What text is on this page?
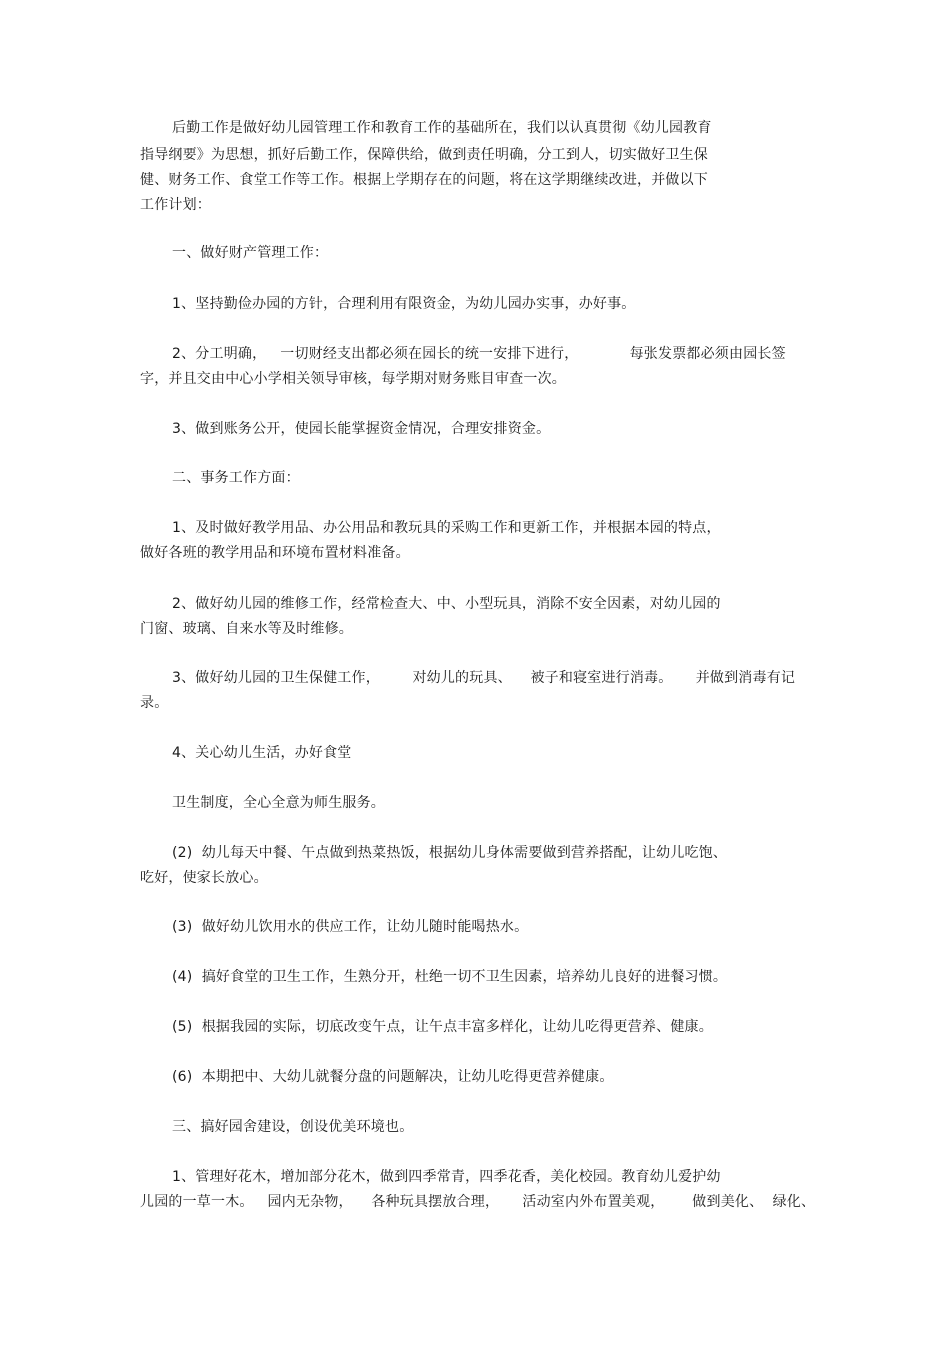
后勤工作是做好幼儿园管理工作和教育工作的基础所在，我们以认真贯彻《幼儿园教育
指导纲要》为思想，抓好后勤工作，保障供给，做到责任明确，分工到人，切实做好卫生保
健、财务工作、食堂工作等工作。根据上学期存在的问题，将在这学期继续改进，并做以下
工作计划：
一、做好财产管理工作：
1、坚持勤俭办园的方针，合理利用有限资金，为幼儿园办实事，办好事。
2、分工明确，   一切财经支出都必须在园长的统一安排下进行，           每张发票都必须由园长签
字，并且交由中心小学相关领导审核，每学期对财务账目审查一次。
3、做到账务公开，使园长能掌握资金情况，合理安排资金。
二、事务工作方面：
1、及时做好教学用品、办公用品和教玩具的采购工作和更新工作，并根据本园的特点，
做好各班的教学用品和环境布置材料准备。
2、做好幼儿园的维修工作，经常检查大、中、小型玩具，消除不安全因素，对幼儿园的
门窗、玻璃、自来水等及时维修。
3、做好幼儿园的卫生保健工作，       对幼儿的玩具、    被子和寝室进行消毒。     并做到消毒有记
录。
4、关心幼儿生活，办好食堂
卫生制度，全心全意为师生服务。
(2)  幼儿每天中餐、午点做到热菜热饭，根据幼儿身体需要做到营养搭配，让幼儿吃饱、
吃好，使家长放心。
(3)  做好幼儿饮用水的供应工作，让幼儿随时能喝热水。
(4)  搞好食堂的卫生工作，生熟分开，杜绝一切不卫生因素，培养幼儿良好的进餐习惯。
(5)  根据我园的实际，切底改变午点，让午点丰富多样化，让幼儿吃得更营养、健康。
(6)  本期把中、大幼儿就餐分盘的问题解决，让幼儿吃得更营养健康。
三、搞好园舍建设，创设优美环境也。
1、管理好花木，增加部分花木，做到四季常青，四季花香，美化校园。教育幼儿爱护幼
儿园的一草一木。   园内无杂物，    各种玩具摆放合理，     活动室内外布置美观，      做到美化、  绿化、
